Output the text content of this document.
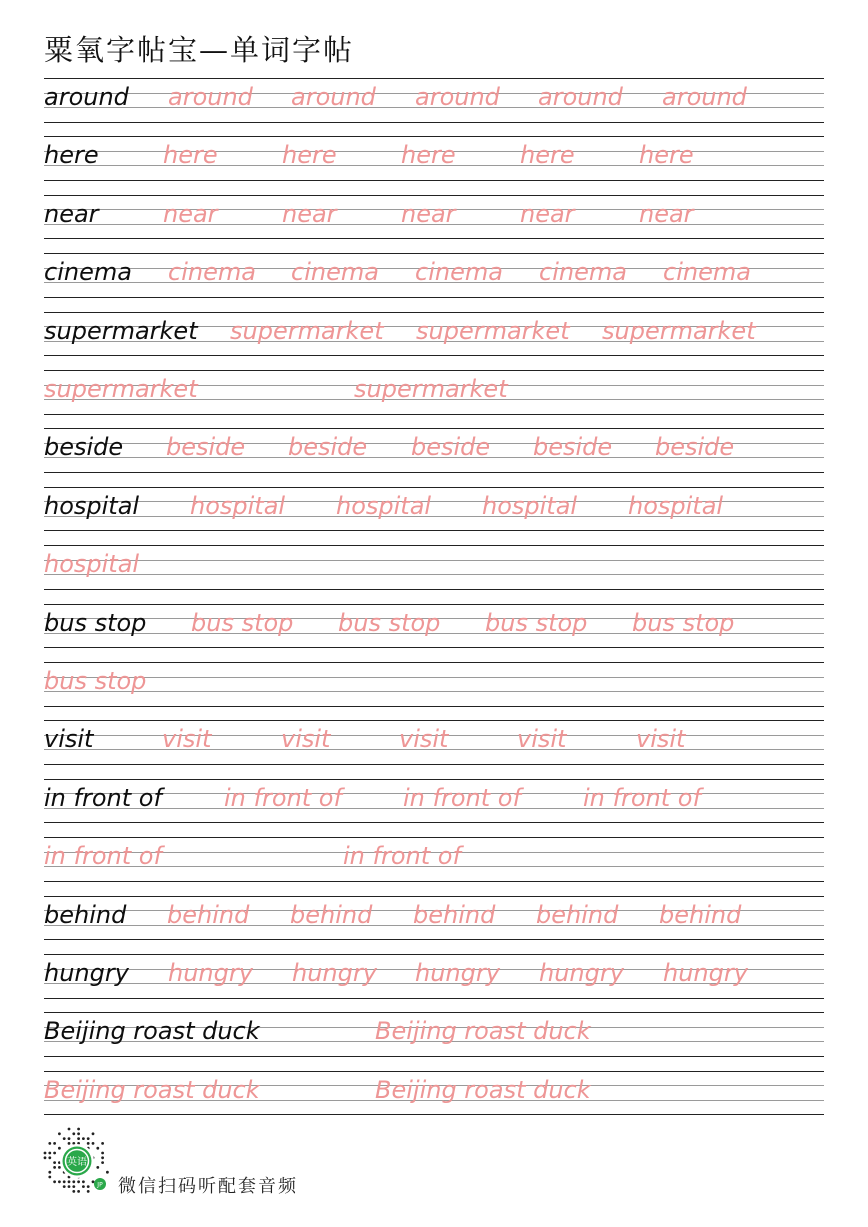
粟氧字帖宝—单词字帖
around around around around around around
here	here	here	here	here	here
near	near	near	near	near	near
cinema cinema cinema cinema cinema cinema
supermarket supermarket supermarket supermarket
supermarket	supermarket
beside beside beside beside beside beside
hospital hospital hospital hospital hospital
hospital
bus stop bus stop bus stop bus stop bus stop
bus stop
visit	visit	visit	visit	visit	visit
in front of	in front of	in front of	in front of
in front of	in front of
behind behind behind behind behind behind
hungry hungry hungry hungry hungry hungry
Beijing roast duck	Beijing roast duck
Beijing roast duck	Beijing roast duck
英语
JP 微信扫码听配套音频
